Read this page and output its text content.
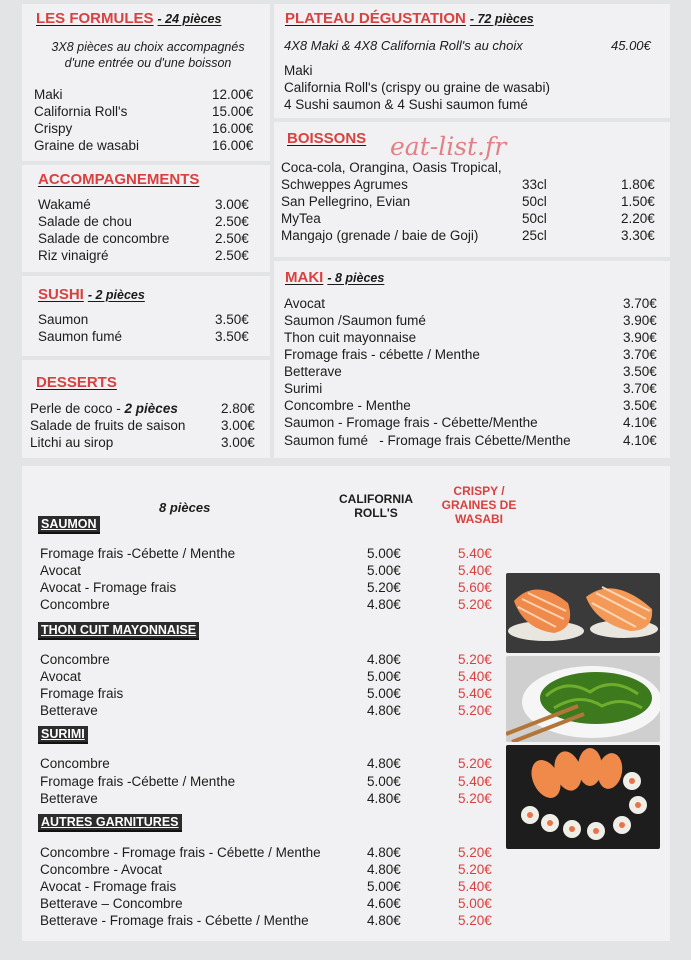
LES FORMULES - 24 pièces
3X8 pièces au choix accompagnés
d'une entrée ou d'une boisson
Maki	12.00€
California Roll's	15.00€
Crispy	16.00€
Graine de wasabi	16.00€
ACCOMPAGNEMENTS
Wakamé	3.00€
Salade de chou	2.50€
Salade de concombre	2.50€
Riz vinaigré	2.50€
SUSHI - 2 pièces
Saumon	3.50€
Saumon fumé	3.50€
DESSERTS
Perle de coco - 2 pièces	2.80€
Salade de fruits de saison	3.00€
Litchi au sirop	3.00€
PLATEAU DÉGUSTATION - 72 pièces
4X8 Maki & 4X8 California Roll's au choix	45.00€
Maki
California Roll's (crispy ou graine de wasabi)
4 Sushi saumon & 4 Sushi saumon fumé
BOISSONS eat-list.fr
Coca-cola, Orangina, Oasis Tropical,
Schweppes Agrumes	33cl	1.80€
San Pellegrino, Evian	50cl	1.50€
MyTea	50cl	2.20€
Mangajo (grenade / baie de Goji)	25cl	3.30€
MAKI - 8 pièces
Avocat	3.70€
Saumon /Saumon fumé	3.90€
Thon cuit mayonnaise	3.90€
Fromage frais - cébette / Menthe	3.70€
Betterave	3.50€
Surimi	3.70€
Concombre - Menthe	3.50€
Saumon - Fromage frais - Cébette/Menthe	4.10€
Saumon fumé   - Fromage frais Cébette/Menthe	4.10€
8 pièces
CALIFORNIA
ROLL'S
CRISPY /
GRAINES DE
WASABI
SAUMON
Fromage frais -Cébette / Menthe	5.00€	5.40€
Avocat	5.00€	5.40€
Avocat - Fromage frais	5.20€	5.60€
Concombre	4.80€	5.20€
THON CUIT MAYONNAISE
Concombre	4.80€	5.20€
Avocat	5.00€	5.40€
Fromage frais	5.00€	5.40€
Betterave	4.80€	5.20€
SURIMI
Concombre	4.80€	5.20€
Fromage frais -Cébette / Menthe	5.00€	5.40€
Betterave	4.80€	5.20€
AUTRES GARNITURES
Concombre - Fromage frais - Cébette / Menthe	4.80€	5.20€
Concombre - Avocat	4.80€	5.20€
Avocat - Fromage frais	5.00€	5.40€
Betterave – Concombre	4.60€	5.00€
Betterave - Fromage frais - Cébette / Menthe	4.80€	5.20€
